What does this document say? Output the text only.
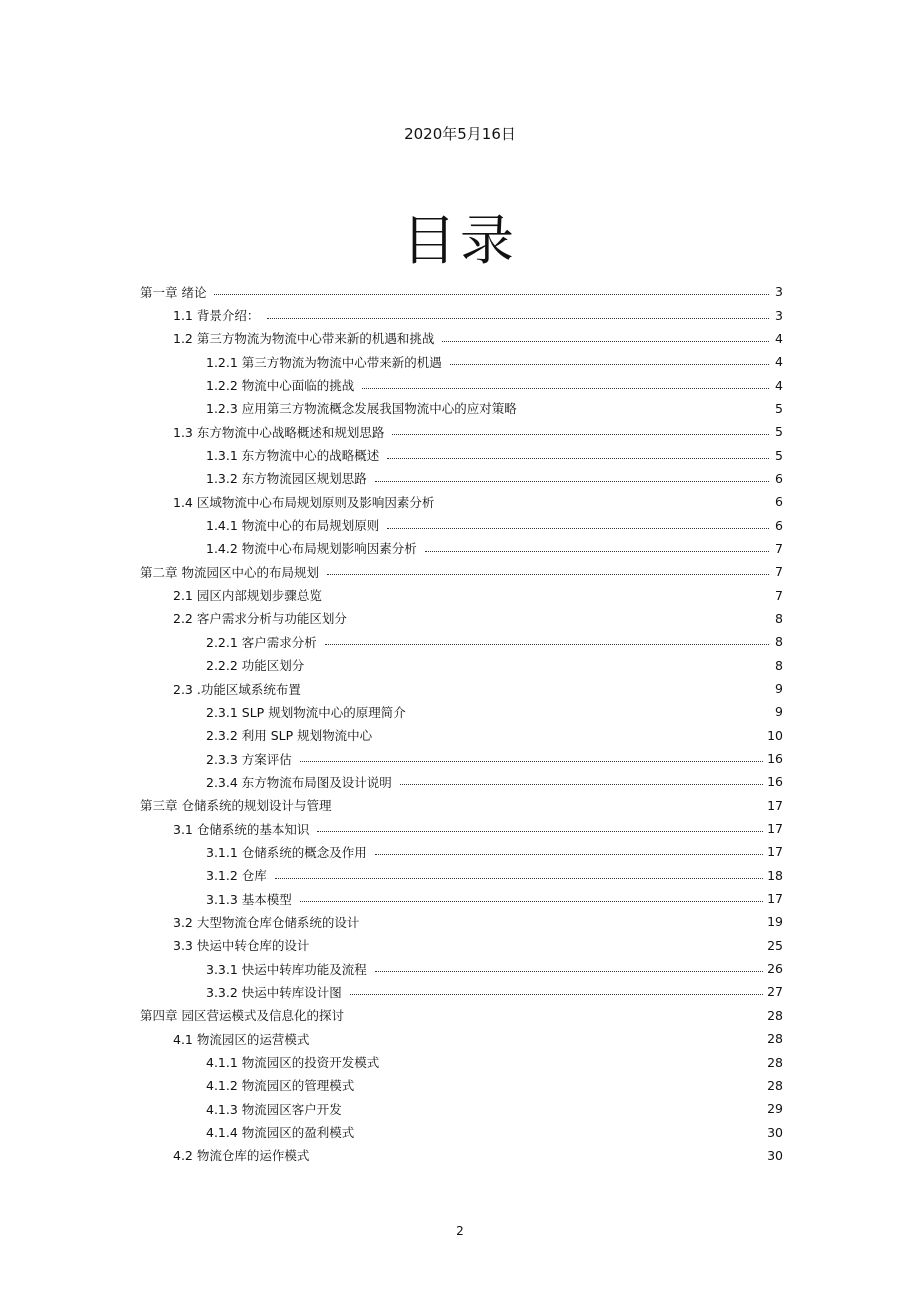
2020年5月16日
目录
第一章 绪论	3
1.1 背景介绍：	3
1.2 第三方物流为物流中心带来新的机遇和挑战	4
1.2.1 第三方物流为物流中心带来新的机遇	4
1.2.2 物流中心面临的挑战	4
1.2.3 应用第三方物流概念发展我国物流中心的应对策略	5
1.3 东方物流中心战略概述和规划思路	5
1.3.1 东方物流中心的战略概述	5
1.3.2 东方物流园区规划思路	6
1.4 区域物流中心布局规划原则及影响因素分析	6
1.4.1 物流中心的布局规划原则	6
1.4.2 物流中心布局规划影响因素分析	7
第二章 物流园区中心的布局规划	7
2.1 园区内部规划步骤总览	7
2.2 客户需求分析与功能区划分	8
2.2.1 客户需求分析	8
2.2.2 功能区划分	8
2.3 .功能区域系统布置	9
2.3.1 SLP 规划物流中心的原理简介	9
2.3.2 利用 SLP 规划物流中心	10
2.3.3 方案评估	16
2.3.4 东方物流布局图及设计说明	16
第三章 仓储系统的规划设计与管理	17
3.1 仓储系统的基本知识	17
3.1.1 仓储系统的概念及作用	17
3.1.2 仓库	18
3.1.3 基本模型	17
3.2 大型物流仓库仓储系统的设计	19
3.3 快运中转仓库的设计	25
3.3.1 快运中转库功能及流程	26
3.3.2 快运中转库设计图	27
第四章 园区营运模式及信息化的探讨	28
4.1 物流园区的运营模式	28
4.1.1 物流园区的投资开发模式	28
4.1.2 物流园区的管理模式	28
4.1.3 物流园区客户开发	29
4.1.4 物流园区的盈利模式	30
4.2 物流仓库的运作模式	30
2
